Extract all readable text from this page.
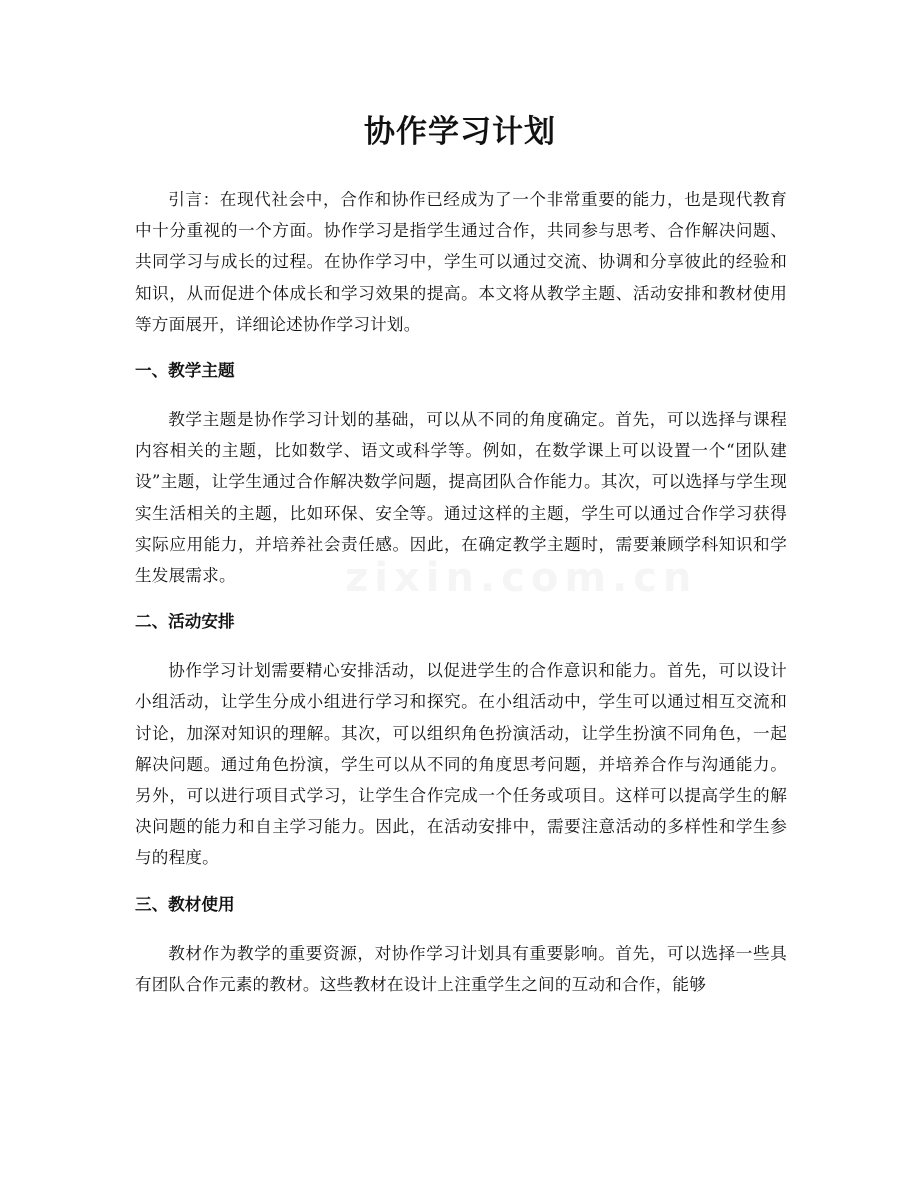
协作学习计划

引言：在现代社会中，合作和协作已经成为了一个非常重要的能力，也是现代教育中十分重视的一个方面。协作学习是指学生通过合作，共同参与思考、合作解决问题、共同学习与成长的过程。在协作学习中，学生可以通过交流、协调和分享彼此的经验和知识，从而促进个体成长和学习效果的提高。本文将从教学主题、活动安排和教材使用等方面展开，详细论述协作学习计划。

一、教学主题

教学主题是协作学习计划的基础，可以从不同的角度确定。首先，可以选择与课程内容相关的主题，比如数学、语文或科学等。例如，在数学课上可以设置一个“团队建设”主题，让学生通过合作解决数学问题，提高团队合作能力。其次，可以选择与学生现实生活相关的主题，比如环保、安全等。通过这样的主题，学生可以通过合作学习获得实际应用能力，并培养社会责任感。因此，在确定教学主题时，需要兼顾学科知识和学生发展需求。

二、活动安排

协作学习计划需要精心安排活动，以促进学生的合作意识和能力。首先，可以设计小组活动，让学生分成小组进行学习和探究。在小组活动中，学生可以通过相互交流和讨论，加深对知识的理解。其次，可以组织角色扮演活动，让学生扮演不同角色，一起解决问题。通过角色扮演，学生可以从不同的角度思考问题，并培养合作与沟通能力。另外，可以进行项目式学习，让学生合作完成一个任务或项目。这样可以提高学生的解决问题的能力和自主学习能力。因此，在活动安排中，需要注意活动的多样性和学生参与的程度。

三、教材使用

教材作为教学的重要资源，对协作学习计划具有重要影响。首先，可以选择一些具有团队合作元素的教材。这些教材在设计上注重学生之间的互动和合作，能够

zixin.com.cn
